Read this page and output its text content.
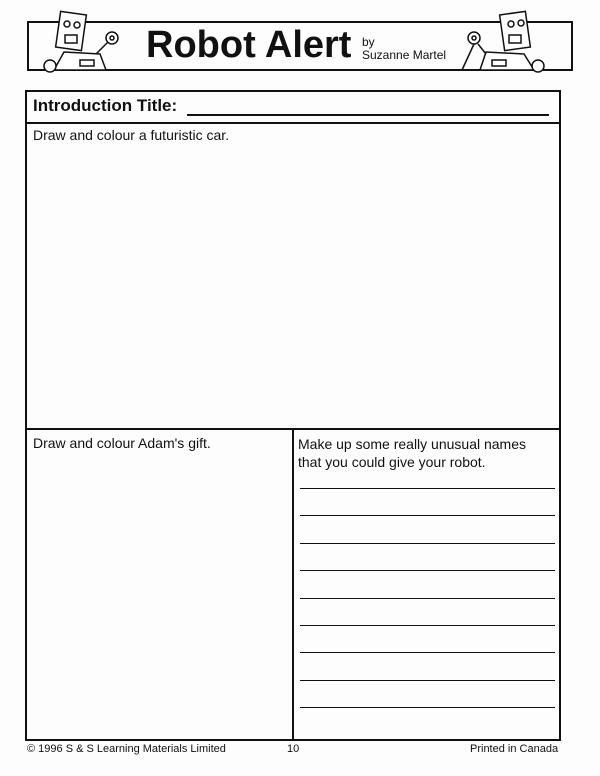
Robot Alert by
Suzanne Martel
Introduction Title:
Draw and colour a futuristic car.
Draw and colour Adam's gift.	Make up some really unusual names that you could give your robot.
© 1996 S & S Learning Materials Limited	10	Printed in Canada
